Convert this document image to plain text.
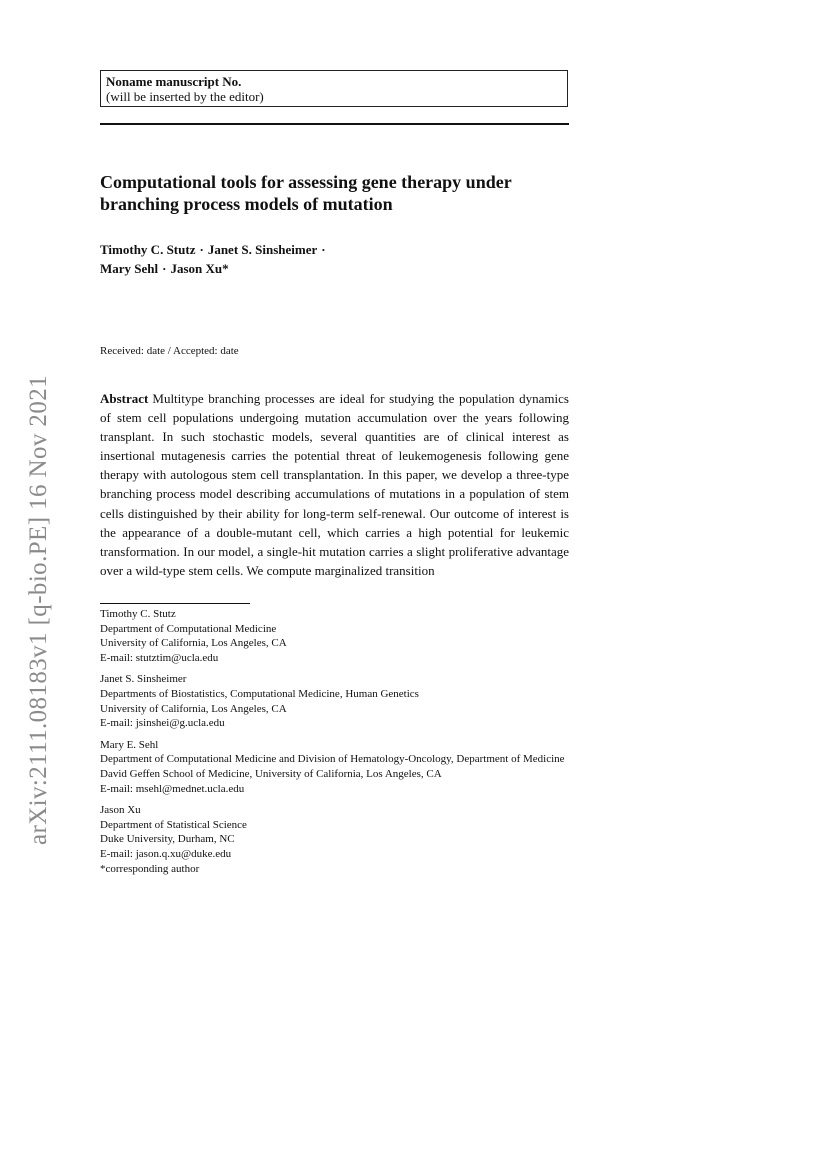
arXiv:2111.08183v1 [q-bio.PE] 16 Nov 2021
Noname manuscript No.
(will be inserted by the editor)
Computational tools for assessing gene therapy under branching process models of mutation
Timothy C. Stutz · Janet S. Sinsheimer ·
Mary Sehl · Jason Xu*
Received: date / Accepted: date

Abstract Multitype branching processes are ideal for studying the population dynamics of stem cell populations undergoing mutation accumulation over the years following transplant. In such stochastic models, several quantities are of clinical interest as insertional mutagenesis carries the potential threat of leukemogenesis following gene therapy with autologous stem cell transplantation. In this paper, we develop a three-type branching process model describing accumulations of mutations in a population of stem cells distinguished by their ability for long-term self-renewal. Our outcome of interest is the appearance of a double-mutant cell, which carries a high potential for leukemic transformation. In our model, a single-hit mutation carries a slight proliferative advantage over a wild-type stem cells. We compute marginalized transition

Timothy C. Stutz
Department of Computational Medicine
University of California, Los Angeles, CA
E-mail: stutztim@ucla.edu
Janet S. Sinsheimer
Departments of Biostatistics, Computational Medicine, Human Genetics
University of California, Los Angeles, CA
E-mail: jsinshei@g.ucla.edu
Mary E. Sehl
Department of Computational Medicine and Division of Hematology-Oncology, Department of Medicine
David Geffen School of Medicine, University of California, Los Angeles, CA
E-mail: msehl@mednet.ucla.edu
Jason Xu
Department of Statistical Science
Duke University, Durham, NC
E-mail: jason.q.xu@duke.edu
*corresponding author
